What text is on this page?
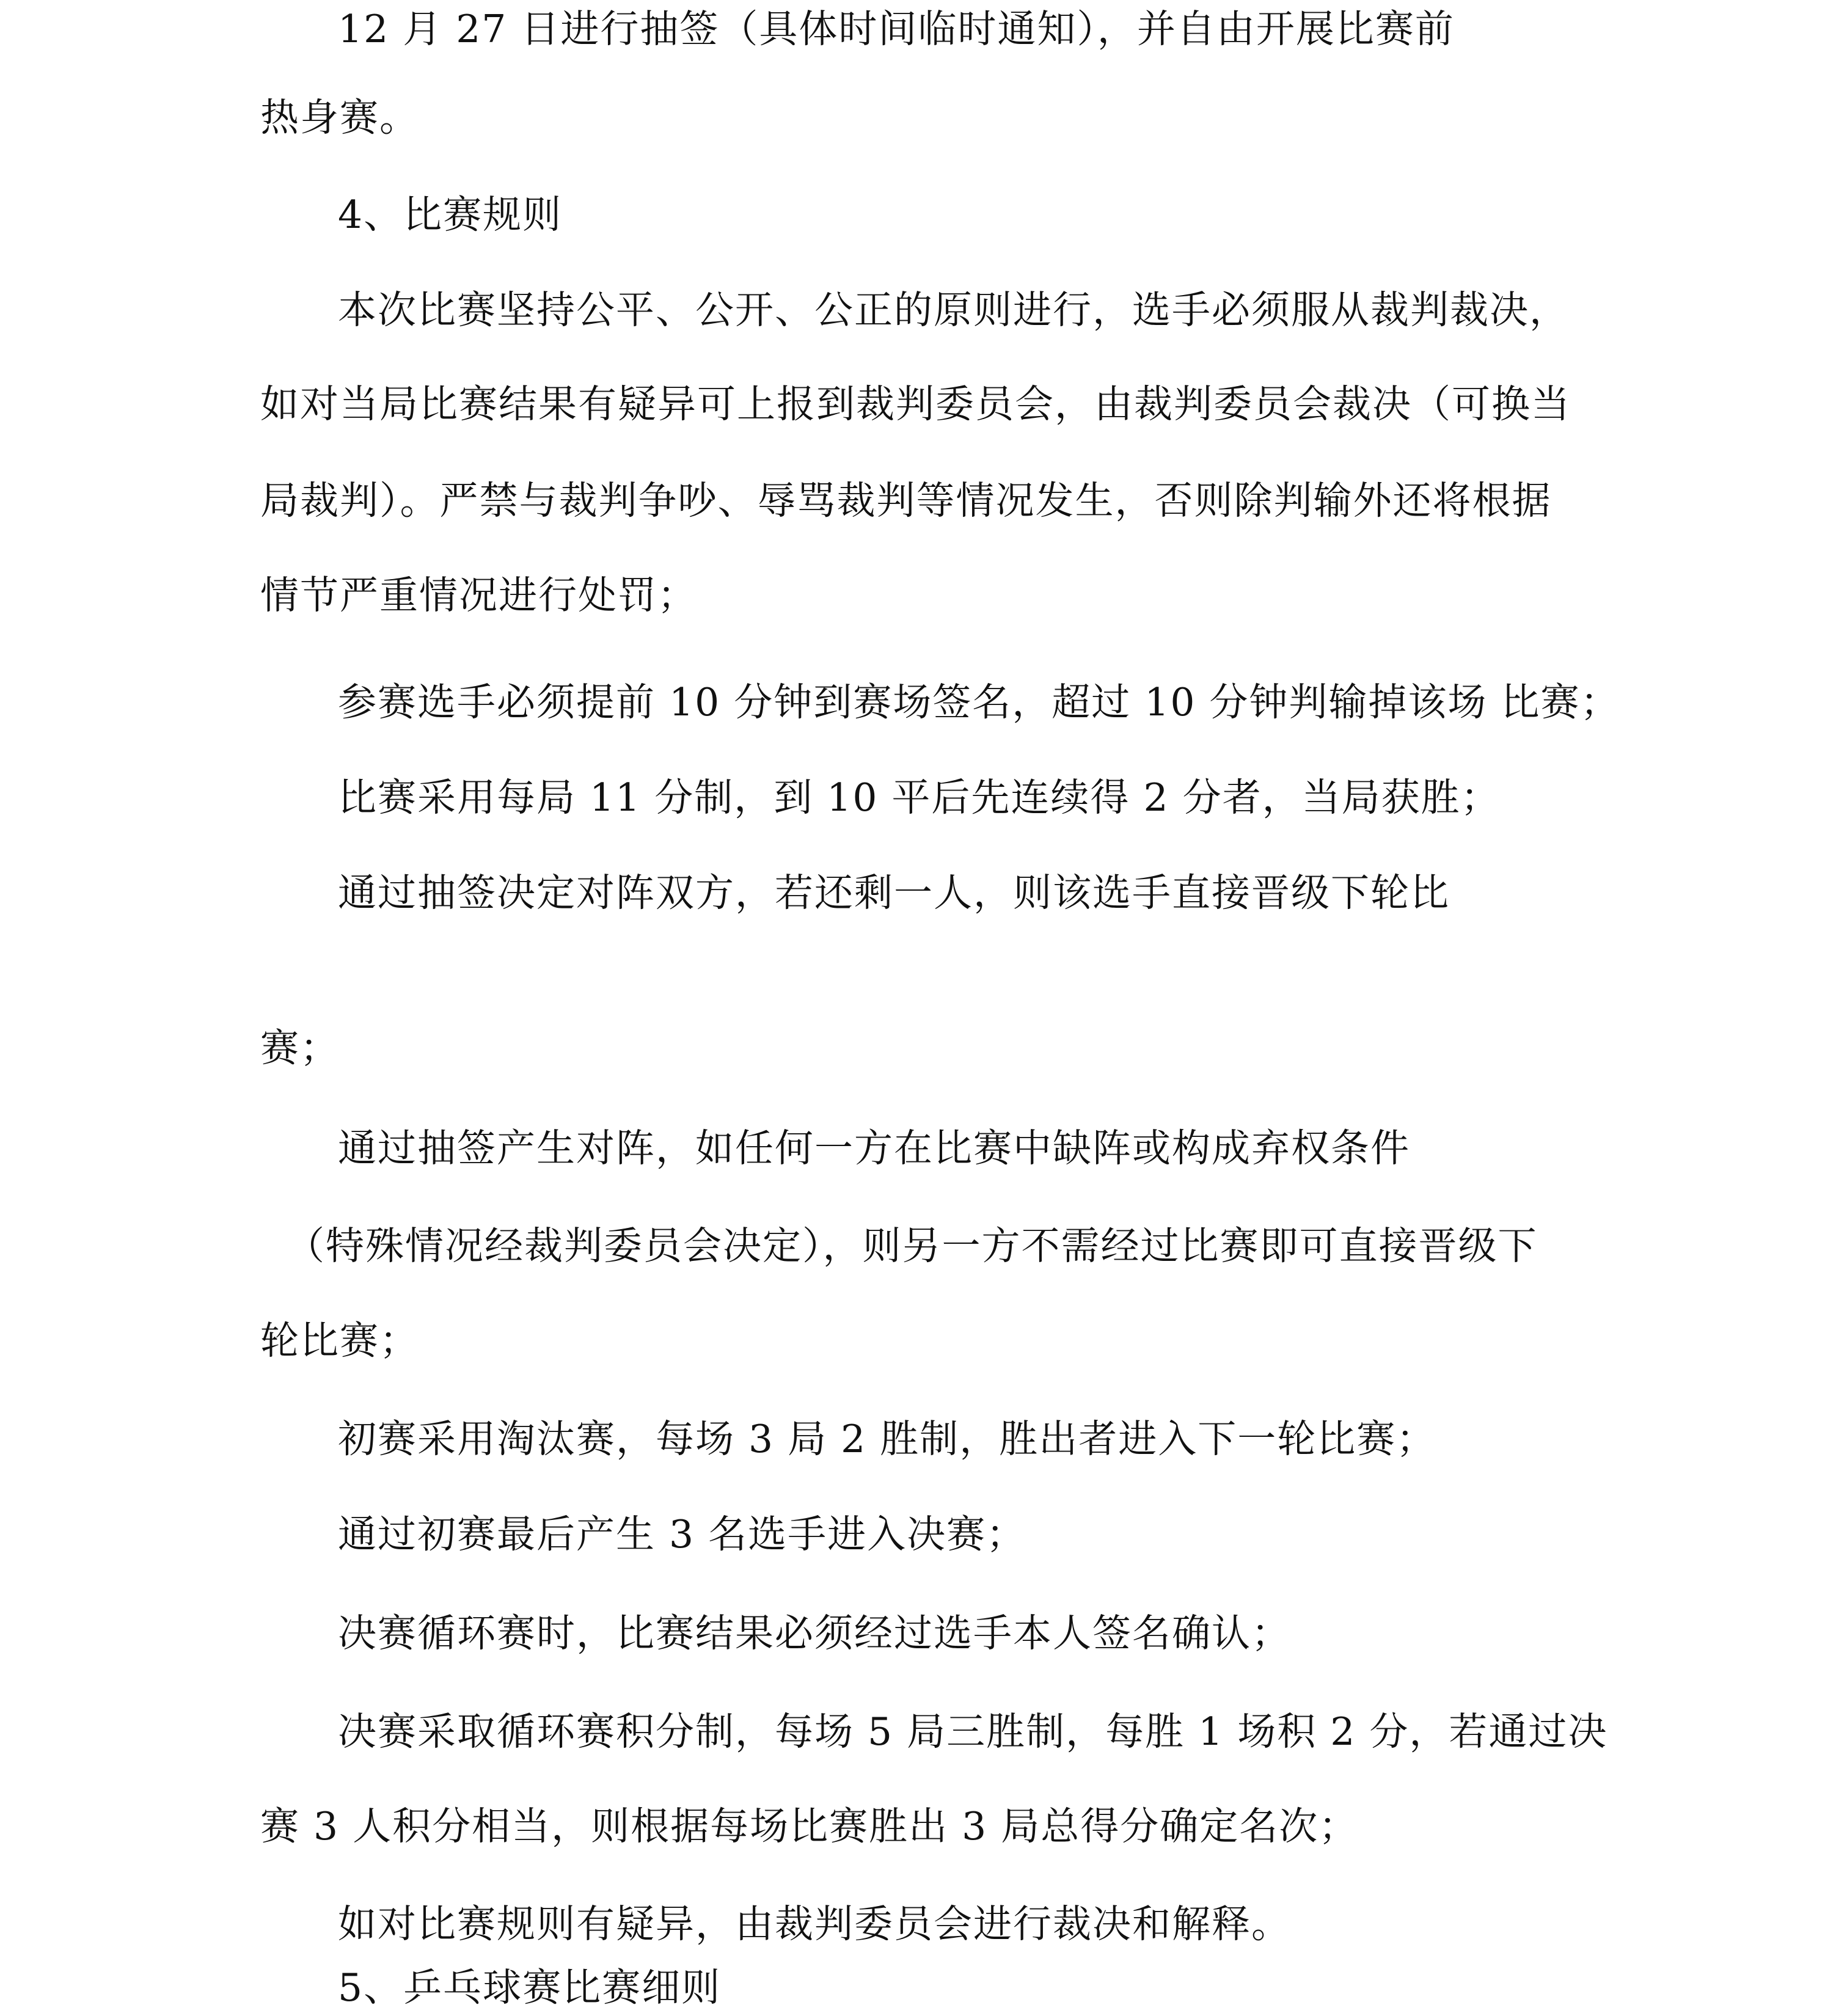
12 月 27 日进行抽签（具体时间临时通知），并自由开展比赛前
热身赛。
4、比赛规则
本次比赛坚持公平、公开、公正的原则进行，选手必须服从裁判裁决，
如对当局比赛结果有疑异可上报到裁判委员会，由裁判委员会裁决（可换当
局裁判）。严禁与裁判争吵、辱骂裁判等情况发生，否则除判输外还将根据
情节严重情况进行处罚；
参赛选手必须提前 10 分钟到赛场签名，超过 10 分钟判输掉该场 比赛；
比赛采用每局 11 分制，到 10 平后先连续得 2 分者，当局获胜；
通过抽签决定对阵双方，若还剩一人，则该选手直接晋级下轮比
赛；
通过抽签产生对阵，如任何一方在比赛中缺阵或构成弃权条件
（特殊情况经裁判委员会决定），则另一方不需经过比赛即可直接晋级下
轮比赛；
初赛采用淘汰赛，每场 3 局 2 胜制，胜出者进入下一轮比赛；
通过初赛最后产生 3 名选手进入决赛；
决赛循环赛时，比赛结果必须经过选手本人签名确认；
决赛采取循环赛积分制，每场 5 局三胜制，每胜 1 场积 2 分，若通过决
赛 3 人积分相当，则根据每场比赛胜出 3 局总得分确定名次；
如对比赛规则有疑异，由裁判委员会进行裁决和解释。
5、乒乓球赛比赛细则
